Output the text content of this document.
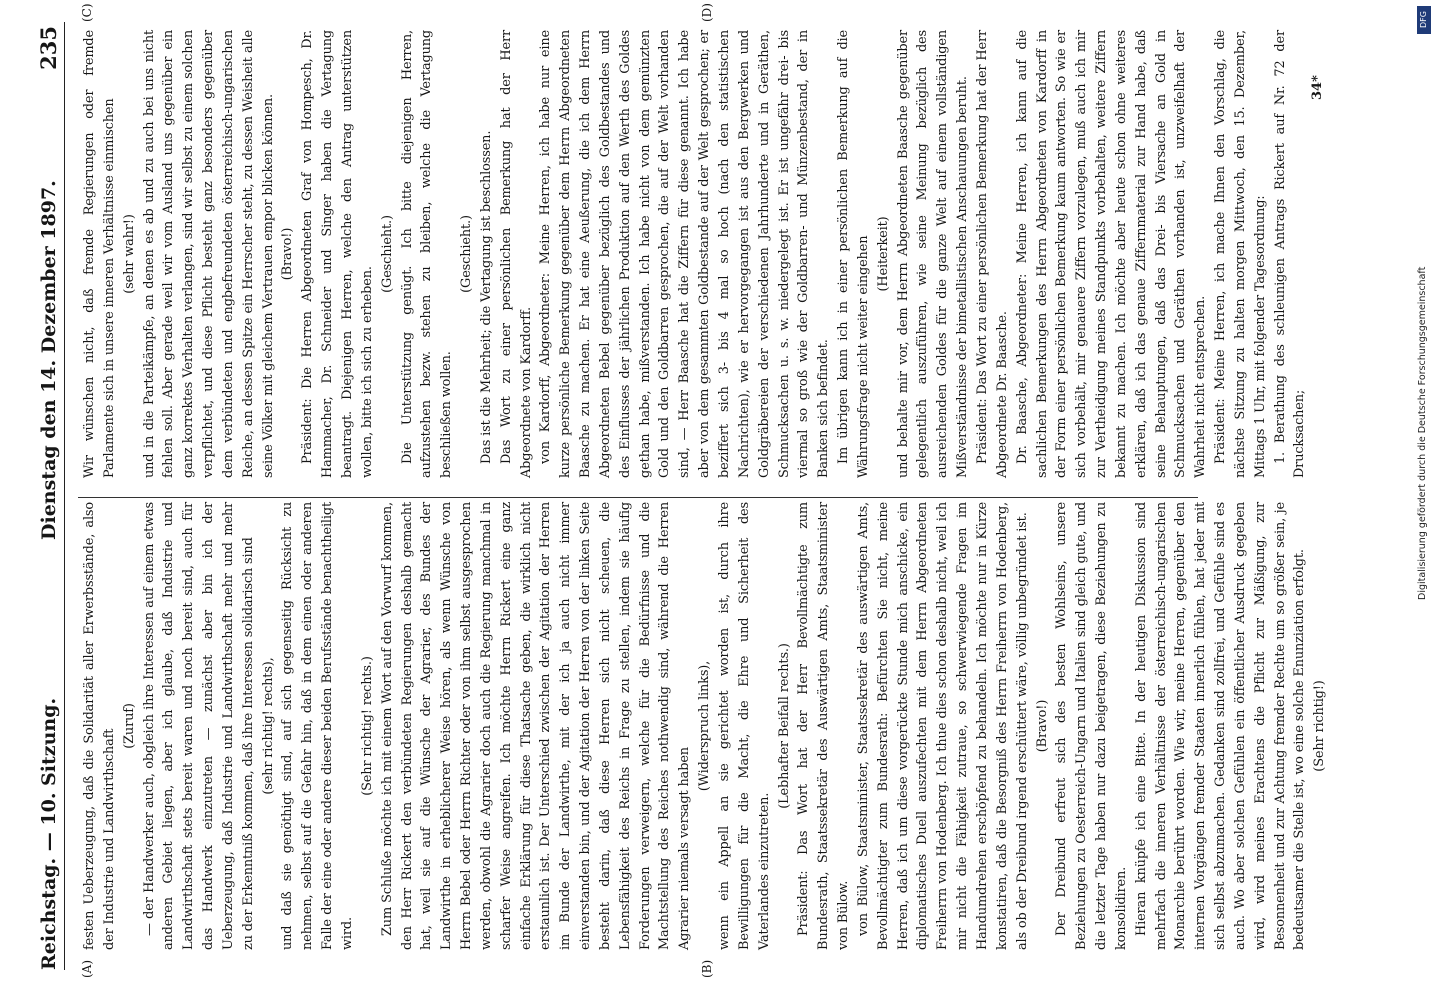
Reichstag. — 10. Sitzung.
Dienstag den 14. Dezember 1897.
235
(A)	(B)
(C)	(D)

festen Ueberzeugung, daß die Solidarität aller Erwerbsstände, also der Industrie und Landwirthschaft

(Zuruf) — der Handwerker auch, obgleich ihre Interessen auf einem etwas anderen Gebiet liegen, aber ich glaube, daß Industrie und Landwirthschaft stets bereit waren und noch bereit sind, auch für das Handwerk einzutreten — zunächst aber bin ich der Ueberzeugung, daß Industrie und Landwirthschaft mehr und mehr zu der Erkenntniß kommen, daß ihre Interessen solidarisch sind (sehr richtig! rechts), und daß sie genöthigt sind, auf sich gegenseitig Rücksicht zu nehmen, selbst auf die Gefahr hin, daß in dem einen oder anderen Falle der eine oder andere dieser beiden Berufsstände benachtheiligt wird.

(Sehr richtig! rechts.) Zum Schluße möchte ich mit einem Wort auf den Vorwurf kommen, den Herr Rickert den verbündeten Regierungen deshalb gemacht hat, weil sie auf die Wünsche der Agrarier, des Bundes der Landwirthe in erheblicherer Weise hören, als wenn Wünsche von Herrn Bebel oder Herrn Richter oder von ihm selbst ausgesprochen werden, obwohl die Agrarier doch auch die Regierung manchmal in scharfer Weise angreifen. Ich möchte Herrn Rickert eine ganz einfache Erklärung für diese Thatsache geben, die wirklich nicht erstaunlich ist. Der Unterschied zwischen der Agitation der Herren im Bunde der Landwirthe, mit der ich ja auch nicht immer einverstanden bin, und der Agitation der Herren von der linken Seite besteht darin, daß diese Herren sich nicht scheuen, die Lebensfähigkeit des Reichs in Frage zu stellen, indem sie häufig Forderungen verweigern, welche für die Bedürfnisse und die Machtstellung des Reiches nothwendig sind, während die Herren Agrarier niemals versagt haben

(Widerspruch links), wenn ein Appell an sie gerichtet worden ist, durch ihre Bewilligungen für die Macht, die Ehre und Sicherheit des Vaterlandes einzutreten.

(Lebhafter Beifall rechts.) Präsident: Das Wort hat der Herr Bevollmächtigte zum Bundesrath, Staatssekretär des Auswärtigen Amts, Staatsminister von Bülow. von Bülow, Staatsminister, Staatssekretär des auswärtigen Amts, Bevollmächtigter zum Bundesrath: Befürchten Sie nicht, meine Herren, daß ich um diese vorgerückte Stunde mich anschicke, ein diplomatisches Duell auszufechten mit dem Herrn Abgeordneten Freiherrn von Hodenberg. Ich thue dies schon deshalb nicht, weil ich mir nicht die Fähigkeit zutraue, so schwerwiegende Fragen im Handumdrehen erschöpfend zu behandeln. Ich möchte nur in Kürze konstatiren, daß die Besorgniß des Herrn Freiherrn von Hodenberg, als ob der Dreibund irgend erschüttert wäre, völlig unbegründet ist. (Bravo!) Der Dreibund erfreut sich des besten Wohlseins, unsere Beziehungen zu Oesterreich-Ungarn und Italien sind gleich gute, und die letzter Tage haben nur dazu beigetragen, diese Beziehungen zu konsolidiren. Hieran knüpfe ich eine Bitte. In der heutigen Diskussion sind mehrfach die inneren Verhältnisse der österreichisch-ungarischen Monarchie berührt worden. Wie wir, meine Herren, gegenüber den internen Vorgängen fremder Staaten innerlich fühlen, hat jeder mit sich selbst abzumachen. Gedanken sind zollfrei, und Gefühle sind es auch. Wo aber solchen Gefühlen ein öffentlicher Ausdruck gegeben wird, wird meines Erachtens die Pflicht zur Mäßigung, zur Besonnenheit und zur Achtung fremder Rechte um so größer sein, je bedeutsamer die Stelle ist, wo eine solche Enunziation erfolgt. (Sehr richtig!)

Wir wünschen nicht, daß fremde Regierungen oder fremde Parlamente sich in unsere inneren Verhältnisse einmischen (sehr wahr!) und in die Parteikämpfe, an denen es ab und zu auch bei uns nicht fehlen soll. Aber gerade weil wir vom Ausland uns gegenüber ein ganz korrektes Verhalten verlangen, sind wir selbst zu einem solchen verpflichtet, und diese Pflicht besteht ganz besonders gegenüber dem verbündeten und engbefreundeten österreichisch-ungarischen Reiche, an dessen Spitze ein Herrscher steht, zu dessen Weisheit alle seine Völker mit gleichem Vertrauen empor blicken können. (Bravo!) Präsident: Die Herren Abgeordneten Graf von Hompesch, Dr. Hammacher, Dr. Schneider und Singer haben die Vertagung beantragt. Diejenigen Herren, welche den Antrag unterstützen wollen, bitte ich sich zu erheben.

(Geschieht.) Die Unterstützung genügt. Ich bitte diejenigen Herren, aufzustehen bezw. stehen zu bleiben, welche die Vertagung beschließen wollen.

(Geschieht.) Das ist die Mehrheit; die Vertagung ist beschlossen. Das Wort zu einer persönlichen Bemerkung hat der Herr Abgeordnete von Kardorff. von Kardorff, Abgeordneter: Meine Herren, ich habe nur eine kurze persönliche Bemerkung gegenüber dem Herrn Abgeordneten Baasche zu machen. Er hat eine Aeußerung, die ich dem Herrn Abgeordneten Bebel gegenüber bezüglich des Goldbestandes und des Einflusses der jährlichen Produktion auf den Werth des Goldes gethan habe, mißverstanden. Ich habe nicht von dem gemünzten Gold und den Goldbarren gesprochen, die auf der Welt vorhanden sind, — Herr Baasche hat die Ziffern für diese genannt. Ich habe aber von dem gesammten Goldbestande auf der Welt gesprochen; er beziffert sich 3- bis 4 mal so hoch (nach den statistischen Nachrichten), wie er hervorgegangen ist aus den Bergwerken und Goldgräbereien der verschiedenen Jahrhunderte und in Geräthen, Schmucksachen u. s. w. niedergelegt ist. Er ist ungefähr drei- bis viermal so groß wie der Goldbarren- und Münzenbestand, der in Banken sich befindet. Im übrigen kann ich in einer persönlichen Bemerkung auf die Währungsfrage nicht weiter eingehen (Heiterkeit) und behalte mir vor, dem Herrn Abgeordneten Baasche gegenüber gelegentlich auszuführen, wie seine Meinung bezüglich des ausreichenden Goldes für die ganze Welt auf einem vollständigen Mißverständnisse der bimetallistischen Anschauungen beruht. Präsident: Das Wort zu einer persönlichen Bemerkung hat der Herr Abgeordnete Dr. Baasche. Dr. Baasche, Abgeordneter: Meine Herren, ich kann auf die sachlichen Bemerkungen des Herrn Abgeordneten von Kardorff in der Form einer persönlichen Bemerkung kaum antworten. So wie er sich vorbehält, mir genauere Ziffern vorzulegen, muß auch ich mir zur Vertheidigung meines Standpunkts vorbehalten, weitere Ziffern bekannt zu machen. Ich möchte aber heute schon ohne weiteres erklären, daß ich das genaue Ziffernmaterial zur Hand habe, daß seine Behauptungen, daß das Drei- bis Viersache an Gold in Schmucksachen und Geräthen vorhanden ist, unzweifelhaft der Wahrheit nicht entsprechen. Präsident: Meine Herren, ich mache Ihnen den Vorschlag, die nächste Sitzung zu halten morgen Mittwoch, den 15. Dezember, Mittags 1 Uhr, mit folgender Tagesordnung: 1. Berathung des schleunigen Antrags Rickert auf Nr. 72 der Drucksachen;

34*
DFG
Digitalisierung gefördert durch die Deutsche Forschungsgemeinschaft
